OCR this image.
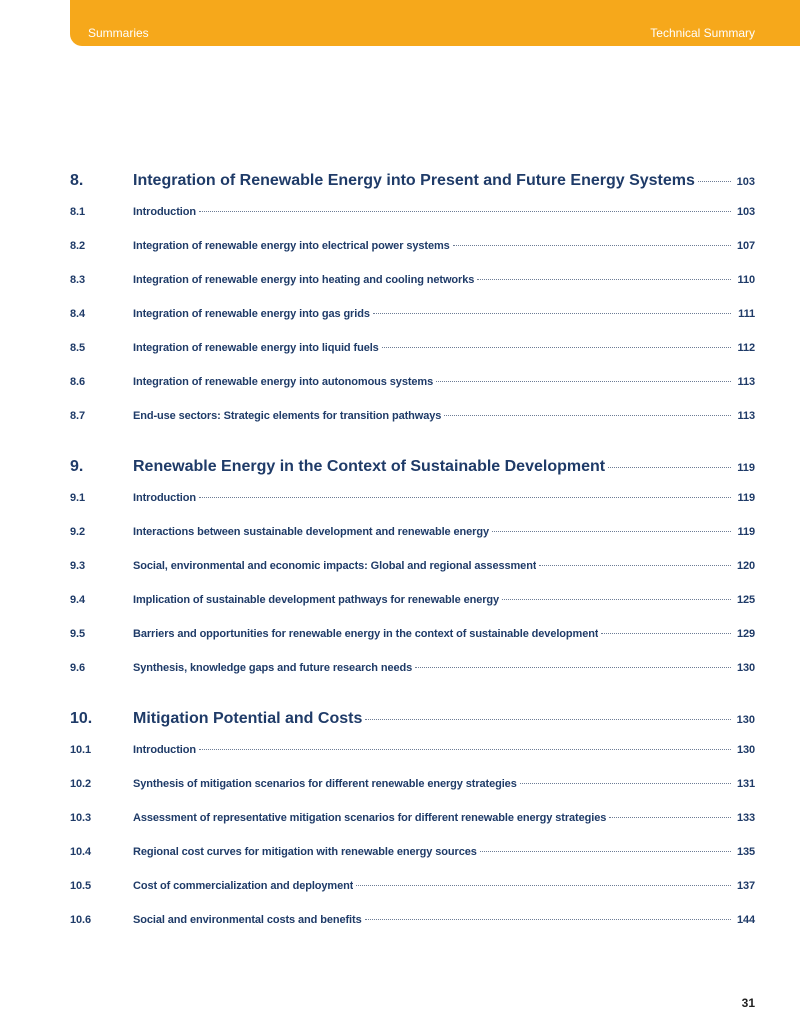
Summaries	Technical Summary
8.	Integration of Renewable Energy into Present and Future Energy Systems	103
8.1	Introduction	103
8.2	Integration of renewable energy into electrical power systems	107
8.3	Integration of renewable energy into heating and cooling networks	110
8.4	Integration of renewable energy into gas grids	111
8.5	Integration of renewable energy into liquid fuels	112
8.6	Integration of renewable energy into autonomous systems	113
8.7	End-use sectors: Strategic elements for transition pathways	113
9.	Renewable Energy in the Context of Sustainable Development	119
9.1	Introduction	119
9.2	Interactions between sustainable development and renewable energy	119
9.3	Social, environmental and economic impacts: Global and regional assessment	120
9.4	Implication of sustainable development pathways for renewable energy	125
9.5	Barriers and opportunities for renewable energy in the context of sustainable development	129
9.6	Synthesis, knowledge gaps and future research needs	130
10.	Mitigation Potential and Costs	130
10.1	Introduction	130
10.2	Synthesis of mitigation scenarios for different renewable energy strategies	131
10.3	Assessment of representative mitigation scenarios for different renewable energy strategies	133
10.4	Regional cost curves for mitigation with renewable energy sources	135
10.5	Cost of commercialization and deployment	137
10.6	Social and environmental costs and benefits	144
31
